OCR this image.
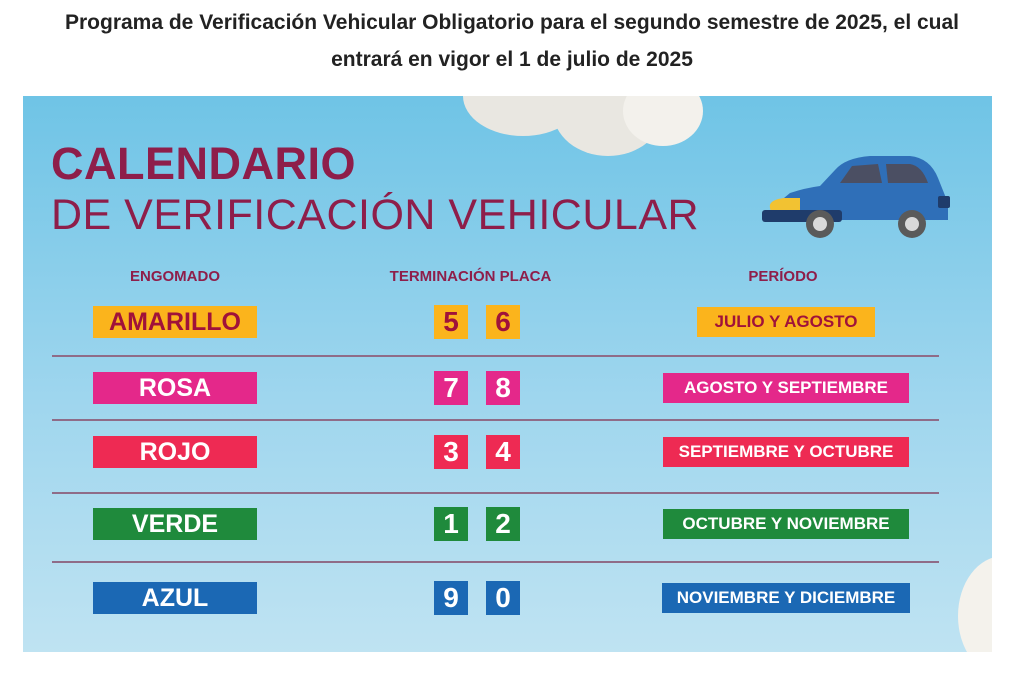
Programa de Verificación Vehicular Obligatorio para el segundo semestre de 2025, el cual entrará en vigor el 1 de julio de 2025
CALENDARIO
DE VERIFICACIÓN VEHICULAR
ENGOMADO	TERMINACIÓN PLACA	PERÍODO
AMARILLO	5	6	JULIO Y AGOSTO
ROSA	7	8	AGOSTO Y SEPTIEMBRE
ROJO	3	4	SEPTIEMBRE Y OCTUBRE
VERDE	1	2	OCTUBRE Y NOVIEMBRE
AZUL	9	0	NOVIEMBRE Y DICIEMBRE
